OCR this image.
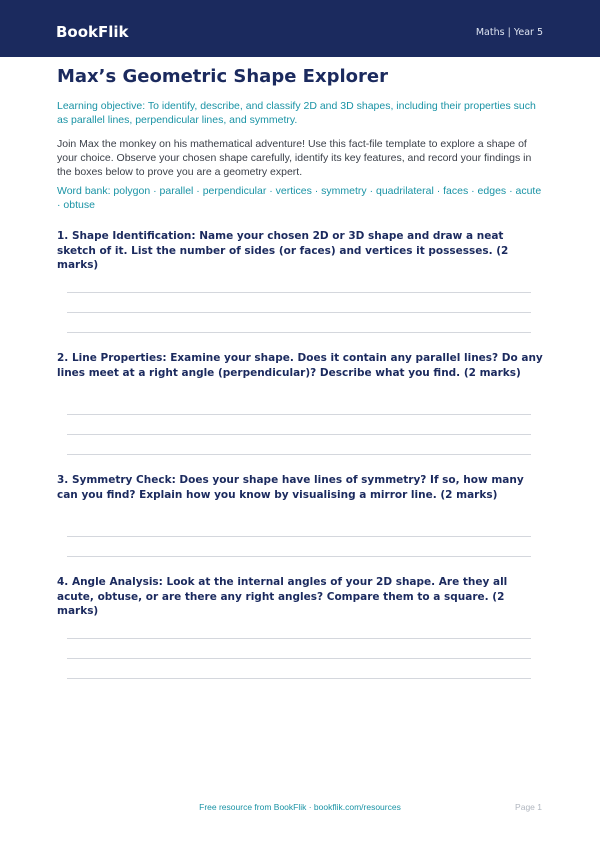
BookFlik	Maths | Year 5
Max’s Geometric Shape Explorer

Learning objective: To identify, describe, and classify 2D and 3D shapes, including their properties such as parallel lines, perpendicular lines, and symmetry.

Join Max the monkey on his mathematical adventure! Use this fact-file template to explore a shape of your choice. Observe your chosen shape carefully, identify its key features, and record your findings in the boxes below to prove you are a geometry expert.

Word bank: polygon · parallel · perpendicular · vertices · symmetry · quadrilateral · faces · edges · acute · obtuse

1. Shape Identification: Name your chosen 2D or 3D shape and draw a neat sketch of it. List the number of sides (or faces) and vertices it possesses. (2 marks)

2. Line Properties: Examine your shape. Does it contain any parallel lines? Do any lines meet at a right angle (perpendicular)? Describe what you find. (2 marks)

3. Symmetry Check: Does your shape have lines of symmetry? If so, how many can you find? Explain how you know by visualising a mirror line. (2 marks)

4. Angle Analysis: Look at the internal angles of your 2D shape. Are they all acute, obtuse, or are there any right angles? Compare them to a square. (2 marks)

Free resource from BookFlik · bookflik.com/resources	Page 1
